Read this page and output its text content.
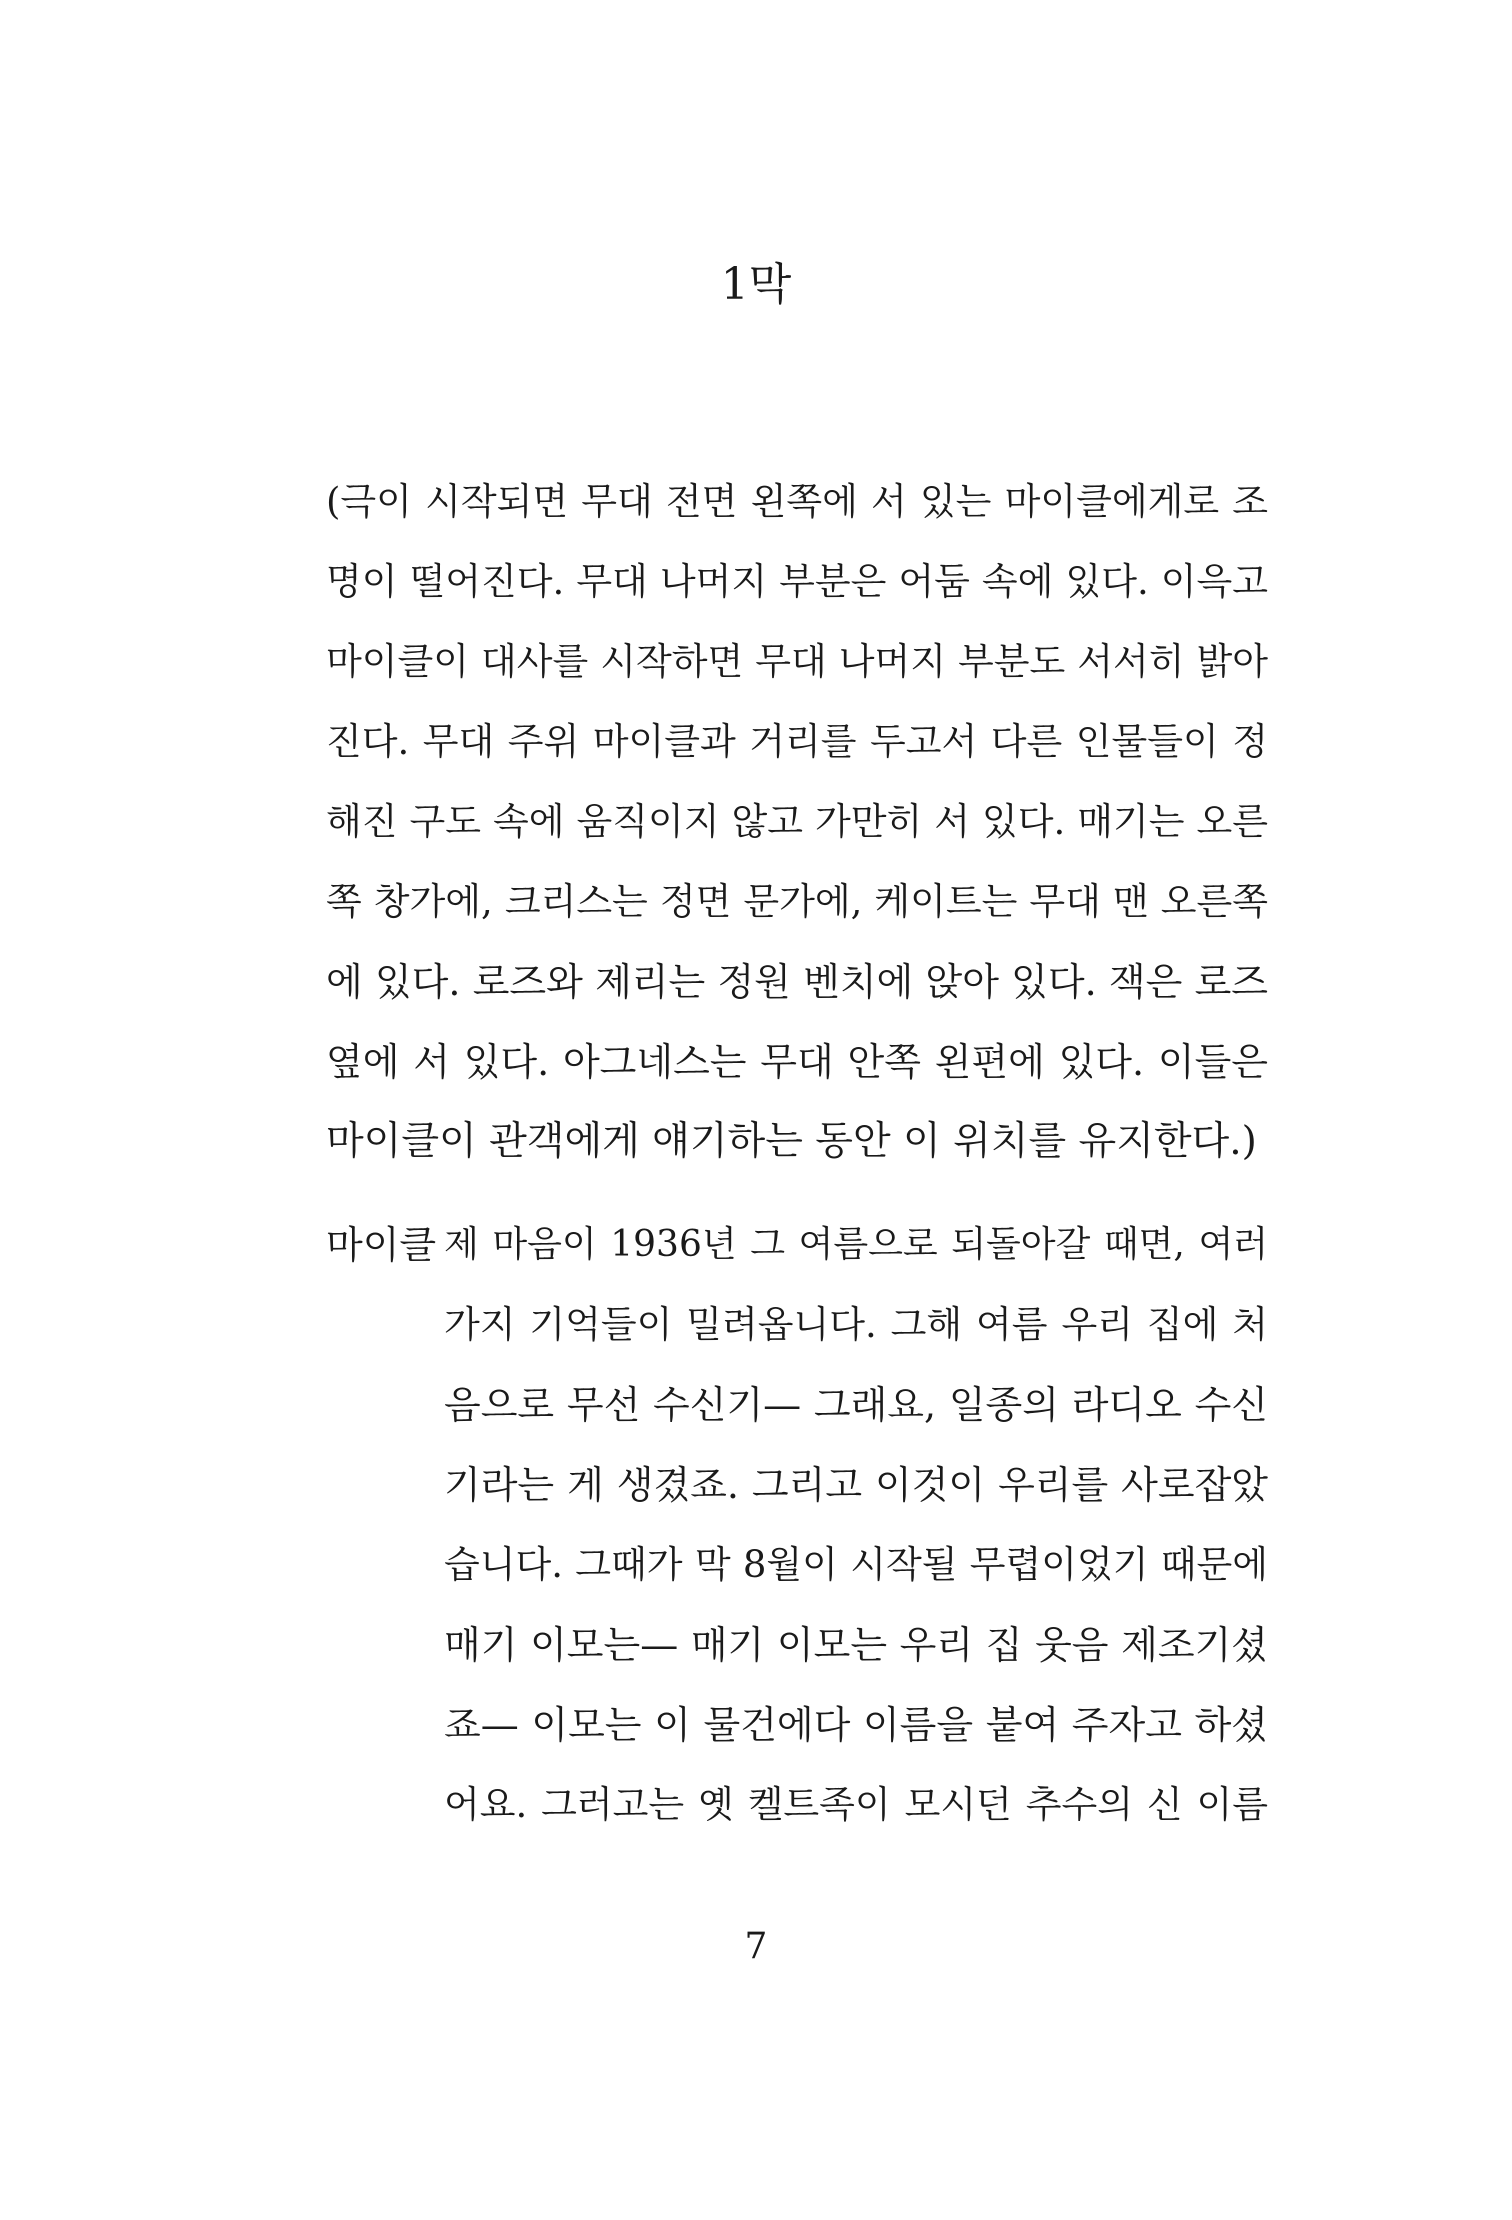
1막
(극이 시작되면 무대 전면 왼쪽에 서 있는 마이클에게로 조
명이 떨어진다. 무대 나머지 부분은 어둠 속에 있다. 이윽고
마이클이 대사를 시작하면 무대 나머지 부분도 서서히 밝아
진다. 무대 주위 마이클과 거리를 두고서 다른 인물들이 정
해진 구도 속에 움직이지 않고 가만히 서 있다. 매기는 오른
쪽 창가에, 크리스는 정면 문가에, 케이트는 무대 맨 오른쪽
에 있다. 로즈와 제리는 정원 벤치에 앉아 있다. 잭은 로즈
옆에 서 있다. 아그네스는 무대 안쪽 왼편에 있다. 이들은
마이클이 관객에게 얘기하는 동안 이 위치를 유지한다.)
마이클 제 마음이 1936년 그 여름으로 되돌아갈 때면, 여러
가지 기억들이 밀려옵니다. 그해 여름 우리 집에 처
음으로 무선 수신기— 그래요, 일종의 라디오 수신
기라는 게 생겼죠. 그리고 이것이 우리를 사로잡았
습니다. 그때가 막 8월이 시작될 무렵이었기 때문에
매기 이모는— 매기 이모는 우리 집 웃음 제조기셨
죠— 이모는 이 물건에다 이름을 붙여 주자고 하셨
어요. 그러고는 옛 켈트족이 모시던 추수의 신 이름
7
